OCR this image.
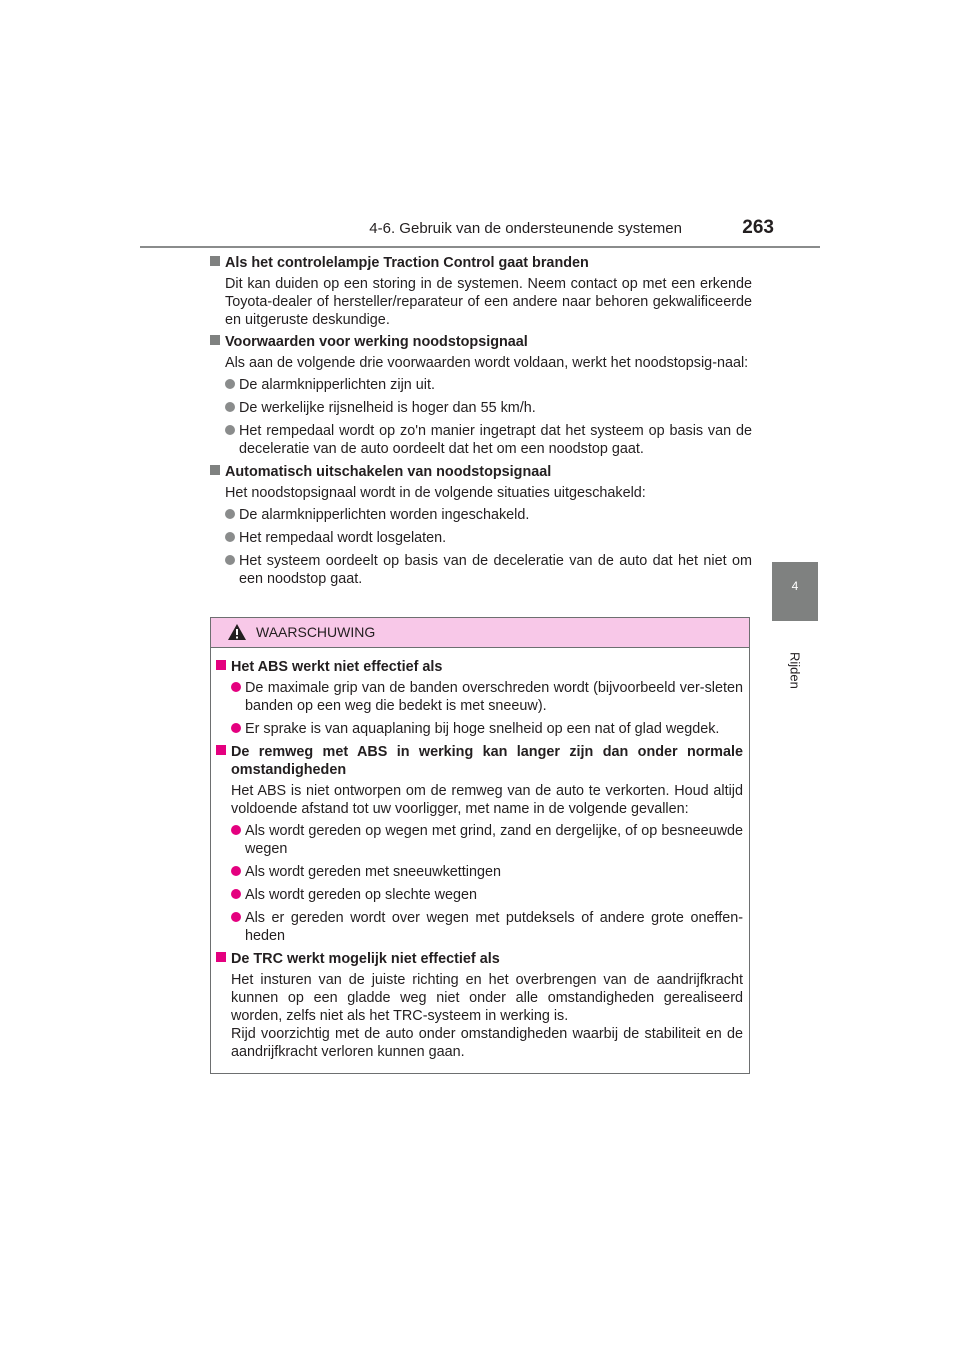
4-6. Gebruik van de ondersteunende systemen	263
4
Rijden
Als het controlelampje Traction Control gaat branden
Dit kan duiden op een storing in de systemen. Neem contact op met een erkende Toyota-dealer of hersteller/reparateur of een andere naar behoren gekwalificeerde en uitgeruste deskundige.
Voorwaarden voor werking noodstopsignaal
Als aan de volgende drie voorwaarden wordt voldaan, werkt het noodstopsig-naal:
De alarmknipperlichten zijn uit.
De werkelijke rijsnelheid is hoger dan 55 km/h.
Het rempedaal wordt op zo'n manier ingetrapt dat het systeem op basis van de deceleratie van de auto oordeelt dat het om een noodstop gaat.
Automatisch uitschakelen van noodstopsignaal
Het noodstopsignaal wordt in de volgende situaties uitgeschakeld:
De alarmknipperlichten worden ingeschakeld.
Het rempedaal wordt losgelaten.
Het systeem oordeelt op basis van de deceleratie van de auto dat het niet om een noodstop gaat.
WAARSCHUWING
Het ABS werkt niet effectief als
De maximale grip van de banden overschreden wordt (bijvoorbeeld ver-sleten banden op een weg die bedekt is met sneeuw).
Er sprake is van aquaplaning bij hoge snelheid op een nat of glad wegdek.
De remweg met ABS in werking kan langer zijn dan onder normale omstandigheden
Het ABS is niet ontworpen om de remweg van de auto te verkorten. Houd altijd voldoende afstand tot uw voorligger, met name in de volgende gevallen:
Als wordt gereden op wegen met grind, zand en dergelijke, of op besneeuwde wegen
Als wordt gereden met sneeuwkettingen
Als wordt gereden op slechte wegen
Als er gereden wordt over wegen met putdeksels of andere grote oneffen-heden
De TRC werkt mogelijk niet effectief als
Het insturen van de juiste richting en het overbrengen van de aandrijfkracht kunnen op een gladde weg niet onder alle omstandigheden gerealiseerd worden, zelfs niet als het TRC-systeem in werking is.
Rijd voorzichtig met de auto onder omstandigheden waarbij de stabiliteit en de aandrijfkracht verloren kunnen gaan.
